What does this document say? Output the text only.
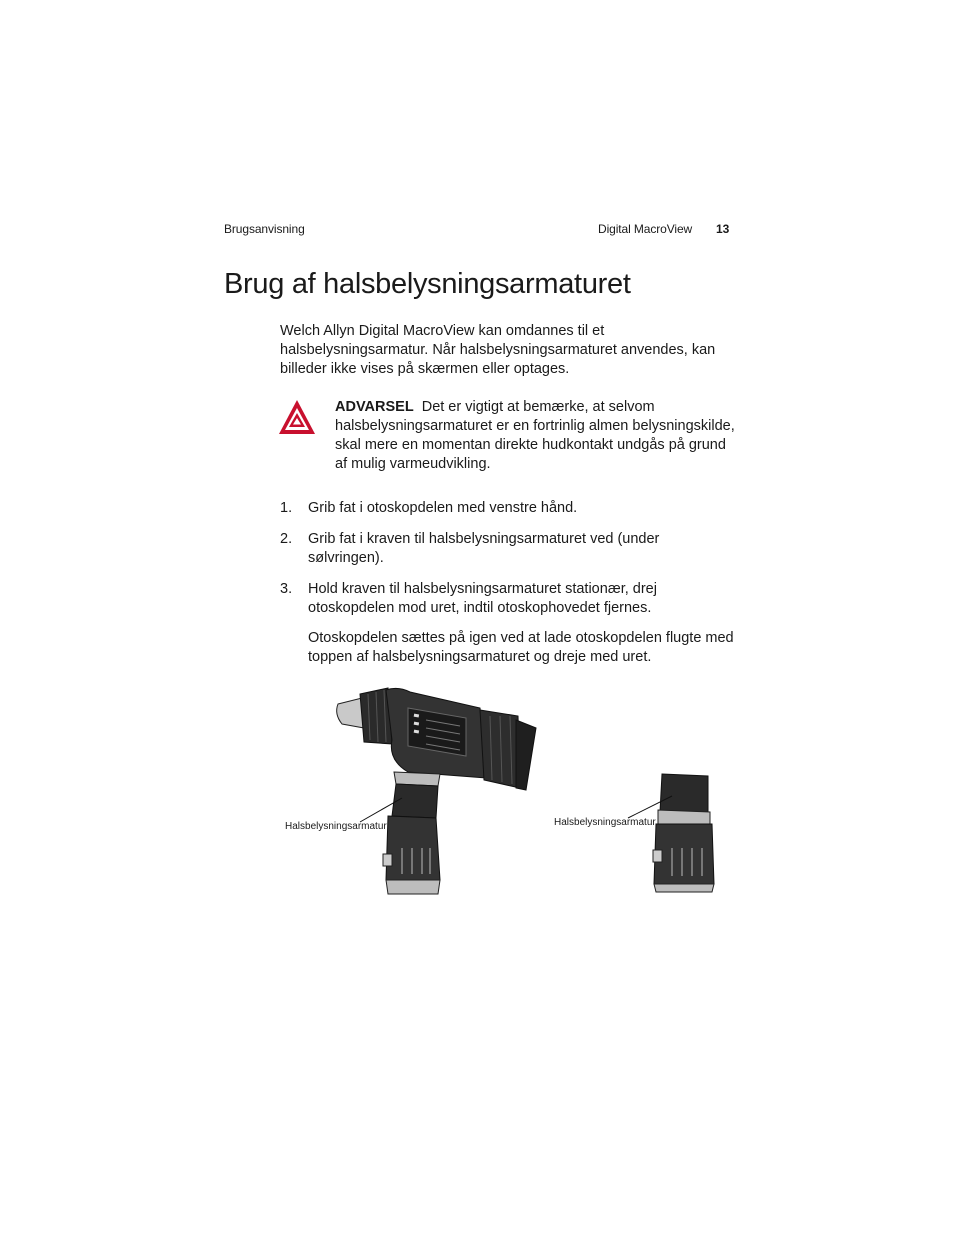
Brugsanvisning	Digital MacroView 13
Brug af halsbelysningsarmaturet

Welch Allyn Digital MacroView kan omdannes til et halsbelysningsarmatur. Når halsbelysningsarmaturet anvendes, kan billeder ikke vises på skærmen eller optages.

ADVARSEL Det er vigtigt at bemærke, at selvom halsbelysningsarmaturet er en fortrinlig almen belysningskilde, skal mere en momentan direkte hudkontakt undgås på grund af mulig varmeudvikling.

1. Grib fat i otoskopdelen med venstre hånd.
2. Grib fat i kraven til halsbelysningsarmaturet ved (under sølvringen).
3. Hold kraven til halsbelysningsarmaturet stationær, drej otoskopdelen mod uret, indtil otoskophovedet fjernes.

Otoskopdelen sættes på igen ved at lade otoskopdelen flugte med toppen af halsbelysningsarmaturet og dreje med uret.

Halsbelysningsarmatur	Halsbelysningsarmatur
